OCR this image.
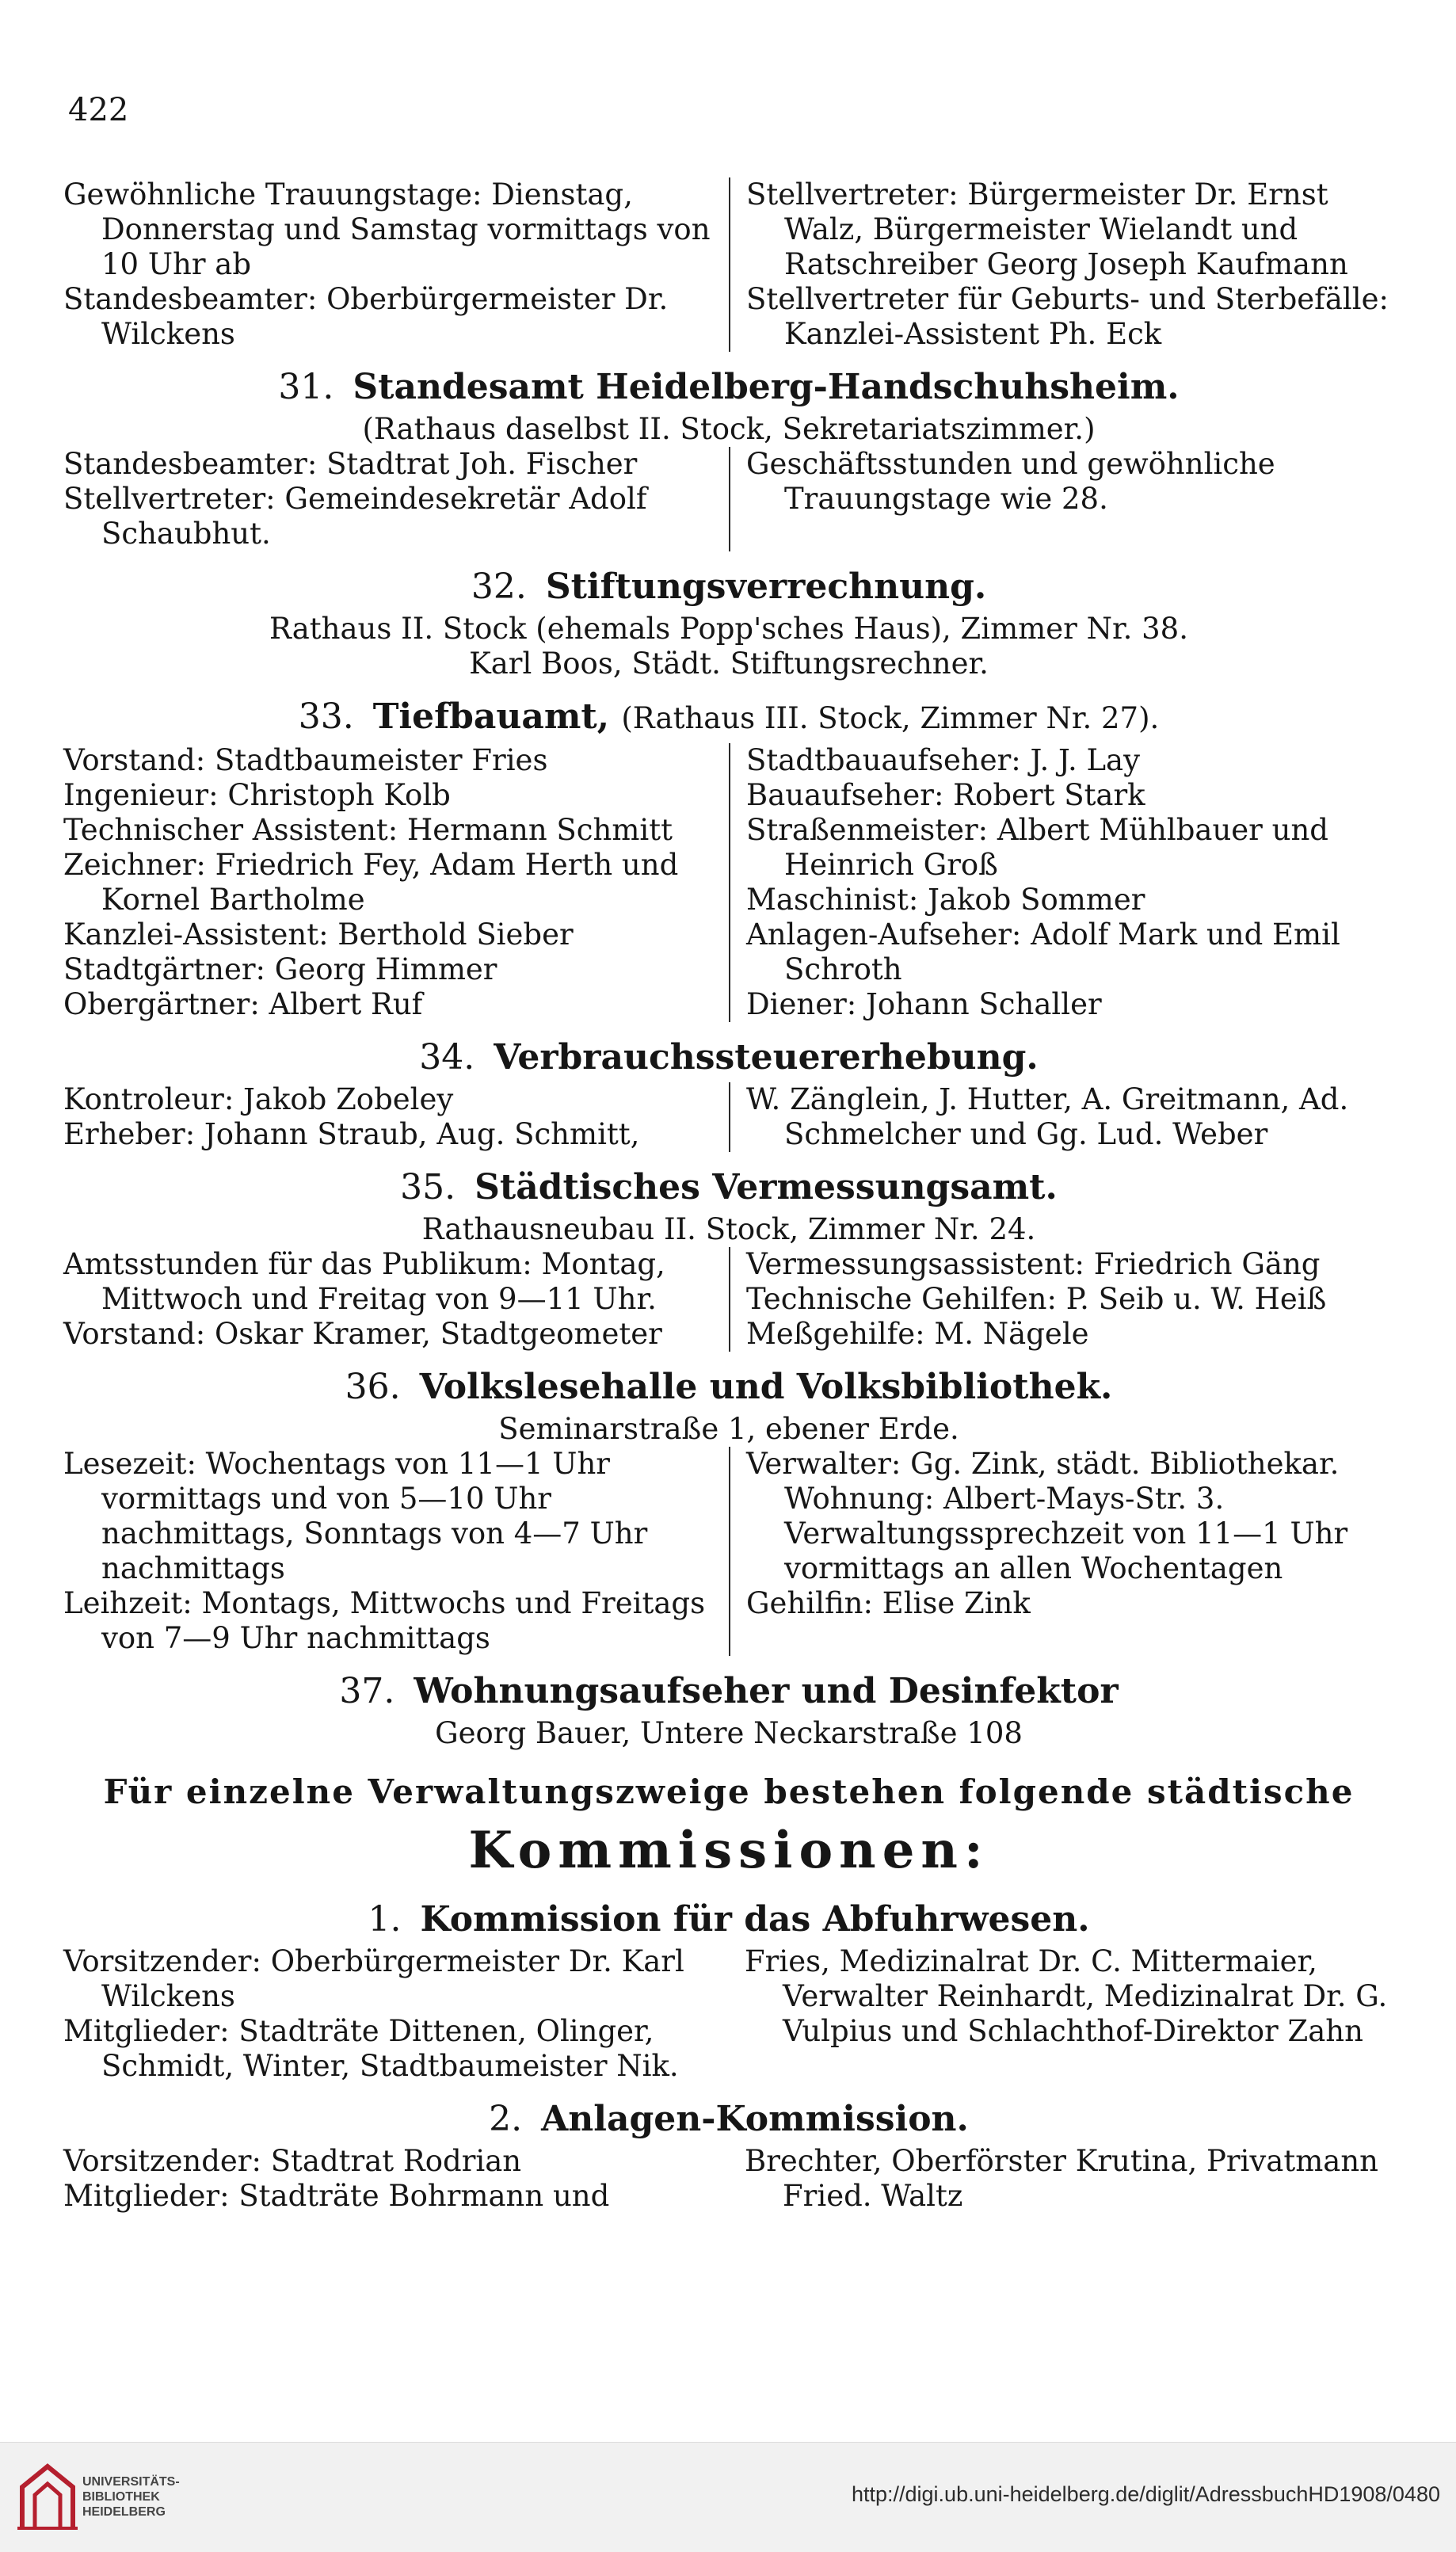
422

Gewöhnliche Trauungstage: Dienstag, Donnerstag und Samstag vormittags von 10 Uhr ab

Standesbeamter: Oberbürgermeister Dr. Wilckens

Stellvertreter: Bürgermeister Dr. Ernst Walz, Bürgermeister Wielandt und Ratschreiber Georg Joseph Kaufmann

Stellvertreter für Geburts- und Sterbefälle: Kanzlei-Assistent Ph. Eck

31. Standesamt Heidelberg-Handschuhsheim.

(Rathaus daselbst II. Stock, Sekretariatszimmer.)

Standesbeamter: Stadtrat Joh. Fischer

Stellvertreter: Gemeindesekretär Adolf Schaubhut.

Geschäftsstunden und gewöhnliche Trauungstage wie 28.

32. Stiftungsverrechnung.

Rathaus II. Stock (ehemals Popp'sches Haus), Zimmer Nr. 38.

Karl Boos, Städt. Stiftungsrechner.

33. Tiefbauamt, (Rathaus III. Stock, Zimmer Nr. 27).

Vorstand: Stadtbaumeister Fries

Ingenieur: Christoph Kolb

Technischer Assistent: Hermann Schmitt

Zeichner: Friedrich Fey, Adam Herth und Kornel Bartholme

Kanzlei-Assistent: Berthold Sieber

Stadtgärtner: Georg Himmer

Obergärtner: Albert Ruf

Stadtbauaufseher: J. J. Lay

Bauaufseher: Robert Stark

Straßenmeister: Albert Mühlbauer und Heinrich Groß

Maschinist: Jakob Sommer

Anlagen-Aufseher: Adolf Mark und Emil Schroth

Diener: Johann Schaller

34. Verbrauchssteuererhebung.

Kontroleur: Jakob Zobeley

Erheber: Johann Straub, Aug. Schmitt,

W. Zänglein, J. Hutter, A. Greitmann, Ad. Schmelcher und Gg. Lud. Weber

35. Städtisches Vermessungsamt.

Rathausneubau II. Stock, Zimmer Nr. 24.

Amtsstunden für das Publikum: Montag, Mittwoch und Freitag von 9—11 Uhr.

Vorstand: Oskar Kramer, Stadtgeometer

Vermessungsassistent: Friedrich Gäng

Technische Gehilfen: P. Seib u. W. Heiß

Meßgehilfe: M. Nägele

36. Volkslesehalle und Volksbibliothek.

Seminarstraße 1, ebener Erde.

Lesezeit: Wochentags von 11—1 Uhr vormittags und von 5—10 Uhr nachmittags, Sonntags von 4—7 Uhr nachmittags

Leihzeit: Montags, Mittwochs und Freitags von 7—9 Uhr nachmittags

Verwalter: Gg. Zink, städt. Bibliothekar. Wohnung: Albert-Mays-Str. 3. Verwaltungssprechzeit von 11—1 Uhr vormittags an allen Wochentagen

Gehilfin: Elise Zink

37. Wohnungsaufseher und Desinfektor

Georg Bauer, Untere Neckarstraße 108

Für einzelne Verwaltungszweige bestehen folgende städtische

Kommissionen:
1. Kommission für das Abfuhrwesen.

Vorsitzender: Oberbürgermeister Dr. Karl Wilckens

Mitglieder: Stadträte Dittenen, Olinger, Schmidt, Winter, Stadtbaumeister Nik.

Fries, Medizinalrat Dr. C. Mittermaier, Verwalter Reinhardt, Medizinalrat Dr. G. Vulpius und Schlachthof-Direktor Zahn

2. Anlagen-Kommission.

Vorsitzender: Stadtrat Rodrian

Mitglieder: Stadträte Bohrmann und

Brechter, Oberförster Krutina, Privatmann Fried. Waltz

UNIVERSITÄTS-
BIBLIOTHEK
HEIDELBERG
http://digi.ub.uni-heidelberg.de/diglit/AdressbuchHD1908/0480
